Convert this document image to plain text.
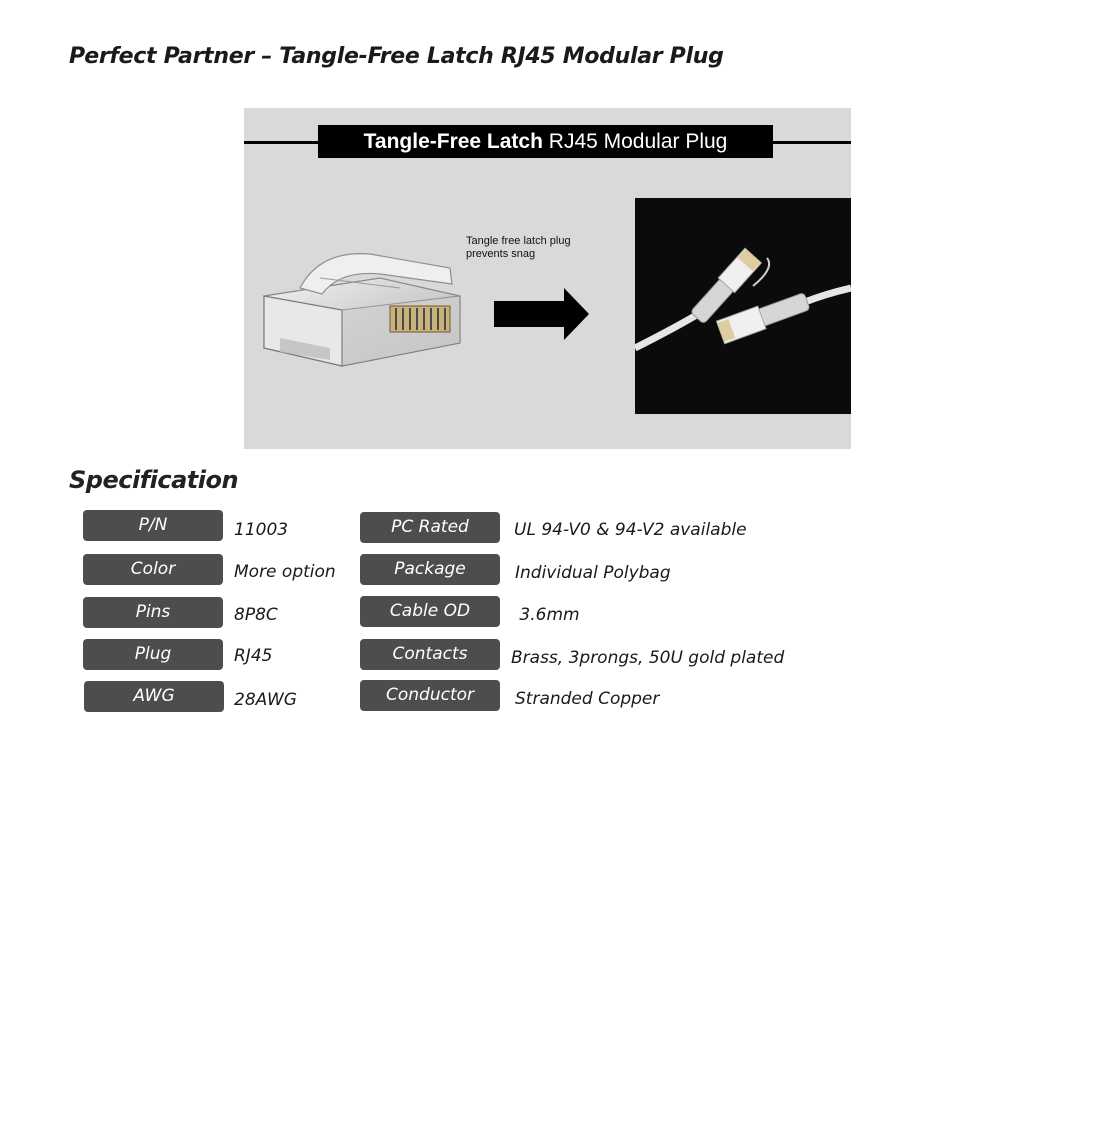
Perfect Partner – Tangle-Free Latch RJ45 Modular Plug
Tangle-Free Latch RJ45 Modular Plug
Tangle free latch plug
prevents snag
Specification
P/N	11003
Color	More option
Pins	8P8C
Plug	RJ45
AWG	28AWG
PC Rated	UL 94-V0 & 94-V2 available
Package	Individual Polybag
Cable OD	3.6mm
Contacts	Brass, 3prongs, 50U gold plated
Conductor	Stranded Copper
